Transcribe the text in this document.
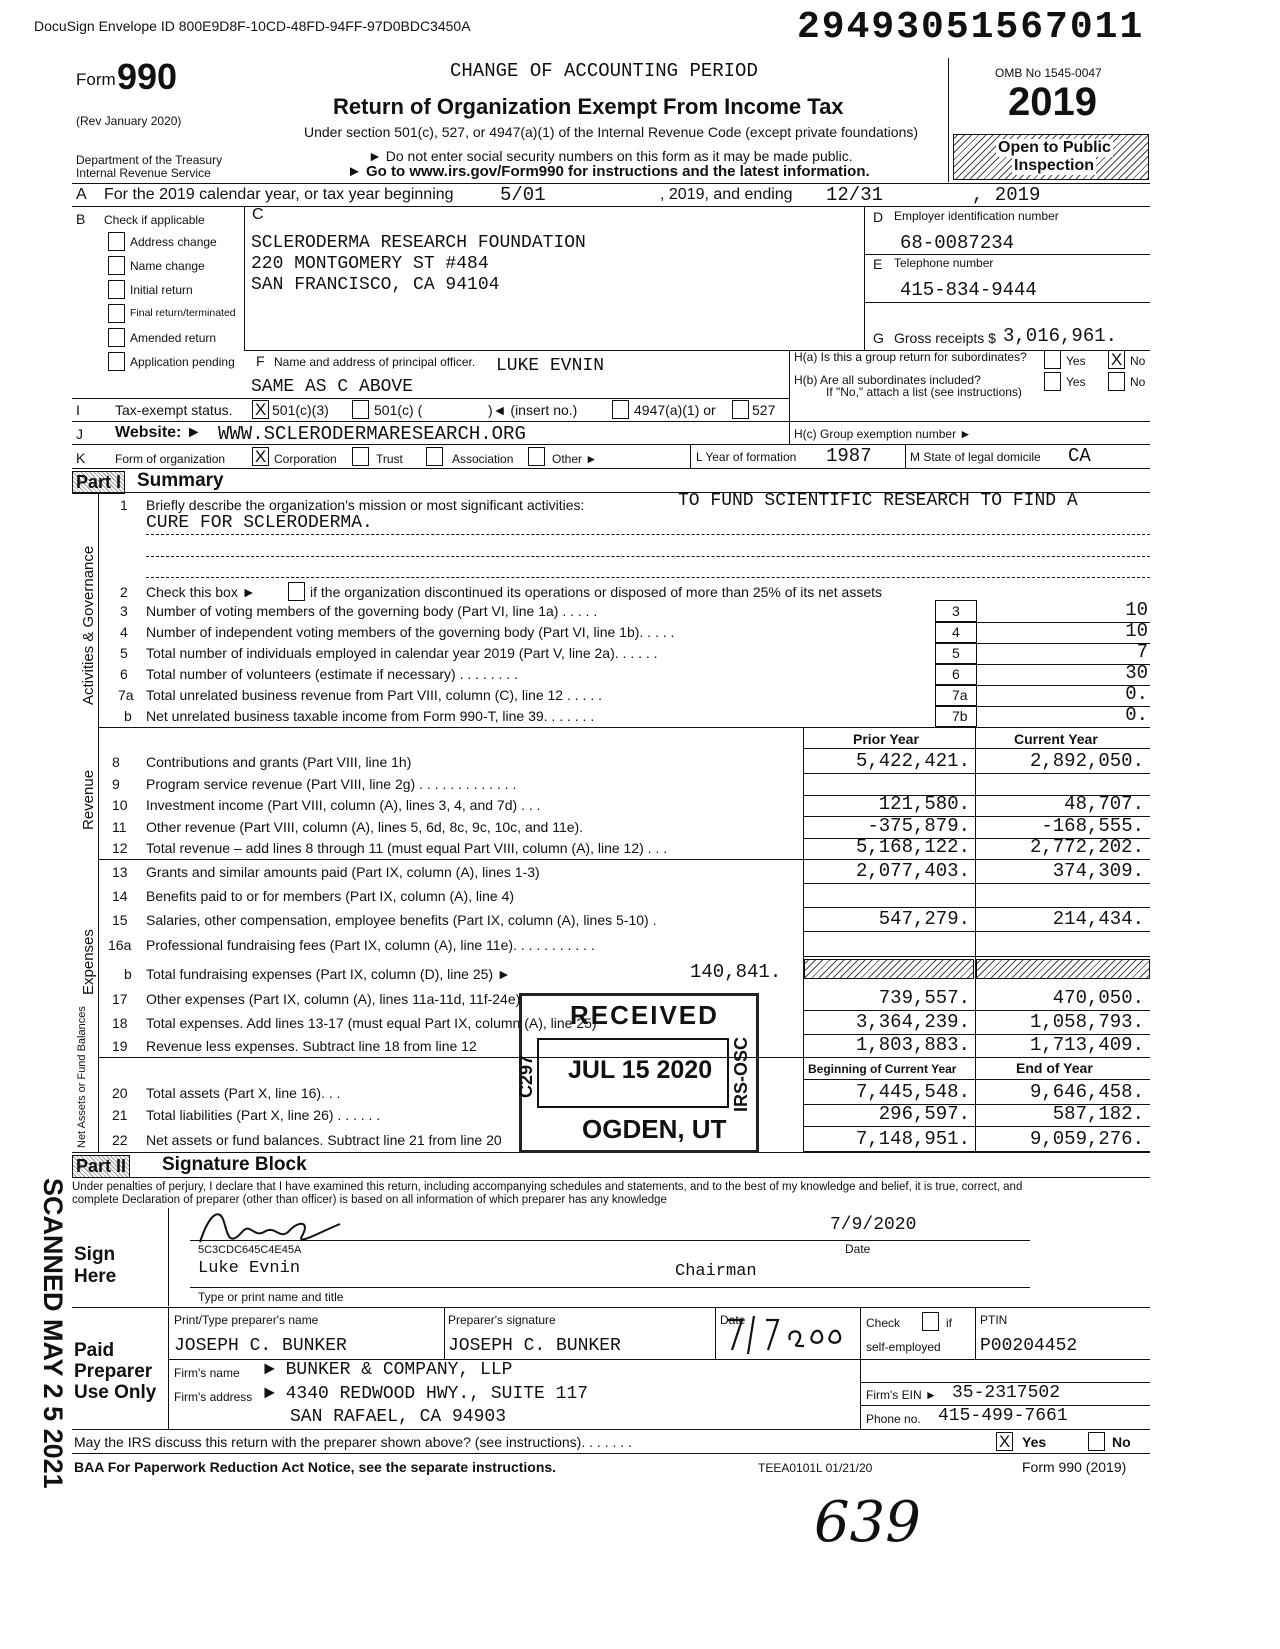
DocuSign Envelope ID 800E9D8F-10CD-48FD-94FF-97D0BDC3450A	29493051567011
Form 990
(Rev January 2020)
Department of the Treasury
Internal Revenue Service
CHANGE OF ACCOUNTING PERIOD
Return of Organization Exempt From Income Tax
Under section 501(c), 527, or 4947(a)(1) of the Internal Revenue Code (except private foundations)
► Do not enter social security numbers on this form as it may be made public.
► Go to www.irs.gov/Form990 for instructions and the latest information.
OMB No 1545-0047
2019
Open to Public
Inspection
A For the 2019 calendar year, or tax year beginning 5/01	, 2019, and ending 12/31	, 2019
B Check if applicable
Address change
Name change
Initial return
Final return/terminated
Amended return
Application pending
C
SCLERODERMA RESEARCH FOUNDATION
220 MONTGOMERY ST #484
SAN FRANCISCO, CA 94104
D Employer identification number
68-0087234
E Telephone number
415-834-9444
G Gross receipts $ 3,016,961.
F Name and address of principal officer. LUKE EVNIN
SAME AS C ABOVE
H(a) Is this a group return for subordinates?	Yes X No
H(b) Are all subordinates included?
If "No," attach a list (see instructions)
Yes	No
I	Tax-exempt status. X 501(c)(3)	501(c) (	)◄ (insert no.)	4947(a)(1) or	527
J Website: ► WWW.SCLERODERMARESEARCH.ORG	H(c) Group exemption number ►
K Form of organization X Corporation	Trust	Association	Other ►	L Year of formation 1987	M State of legal domicile CA
Part I Summary
Activities & Governance
Revenue
Expenses
Net Assets or Fund Balances
1 Briefly describe the organization's mission or most significant activities:	TO FUND SCIENTIFIC RESEARCH TO FIND A
CURE FOR SCLERODERMA.
2 Check this box ►	if the organization discontinued its operations or disposed of more than 25% of its net assets
3 Number of voting members of the governing body (Part VI, line 1a) . . . . .	3	10
4 Number of independent voting members of the governing body (Part VI, line 1b). . . . .	4	10
5 Total number of individuals employed in calendar year 2019 (Part V, line 2a). . . . . .	5	7
6 Total number of volunteers (estimate if necessary) . . . . . . . .	6	30
7a Total unrelated business revenue from Part VIII, column (C), line 12 . . . . .	7a	0.
b Net unrelated business taxable income from Form 990-T, line 39. . . . . . .	7b	0.
Prior Year	Current Year
8 Contributions and grants (Part VIII, line 1h)	5,422,421.	2,892,050.
9 Program service revenue (Part VIII, line 2g) . . . . . . . . . . . . .
10 Investment income (Part VIII, column (A), lines 3, 4, and 7d) . . .	121,580.	48,707.
11 Other revenue (Part VIII, column (A), lines 5, 6d, 8c, 9c, 10c, and 11e).	-375,879.	-168,555.
12 Total revenue – add lines 8 through 11 (must equal Part VIII, column (A), line 12) . . .	5,168,122.	2,772,202.
13 Grants and similar amounts paid (Part IX, column (A), lines 1-3)	2,077,403.	374,309.
14 Benefits paid to or for members (Part IX, column (A), line 4)
15 Salaries, other compensation, employee benefits (Part IX, column (A), lines 5-10) .	547,279.	214,434.
16a Professional fundraising fees (Part IX, column (A), line 11e). . . . . . . . . . .
b Total fundraising expenses (Part IX, column (D), line 25) ►	140,841.
17 Other expenses (Part IX, column (A), lines 11a-11d, 11f-24e)	739,557.	470,050.
18 Total expenses. Add lines 13-17 (must equal Part IX, column (A), line 25)	3,364,239.	1,058,793.
19 Revenue less expenses. Subtract line 18 from line 12	1,803,883.	1,713,409.
Beginning of Current Year	End of Year
20 Total assets (Part X, line 16). . .	7,445,548.	9,646,458.
21 Total liabilities (Part X, line 26) . . . . . .	296,597.	587,182.
22 Net assets or fund balances. Subtract line 21 from line 20	7,148,951.	9,059,276.
RECEIVED
JUL 15 2020
OGDEN, UT
C297	IRS-OSC
Part II Signature Block
Under penalties of perjury, I declare that I have examined this return, including accompanying schedules and statements, and to the best of my knowledge and belief, it is true, correct, and
complete Declaration of preparer (other than officer) is based on all information of which preparer has any knowledge
Sign
Here
5C3CDC645C4E45A
7/9/2020
Date
Luke Evnin	Chairman
Type or print name and title
Paid
Preparer
Use Only
Print/Type preparer's name	Preparer's signature	Date	Check	if
self-employed
PTIN
JOSEPH C. BUNKER	JOSEPH C. BUNKER	P00204452
Firm's name ► BUNKER & COMPANY, LLP
Firm's EIN ► 35-2317502
Firm's address ► 4340 REDWOOD HWY., SUITE 117
SAN RAFAEL, CA 94903	Phone no. 415-499-7661
May the IRS discuss this return with the preparer shown above? (see instructions). . . . . . .	X Yes	No
BAA For Paperwork Reduction Act Notice, see the separate instructions.	TEEA0101L 01/21/20	Form 990 (2019)
SCANNED MAY 2 5 2021
639
